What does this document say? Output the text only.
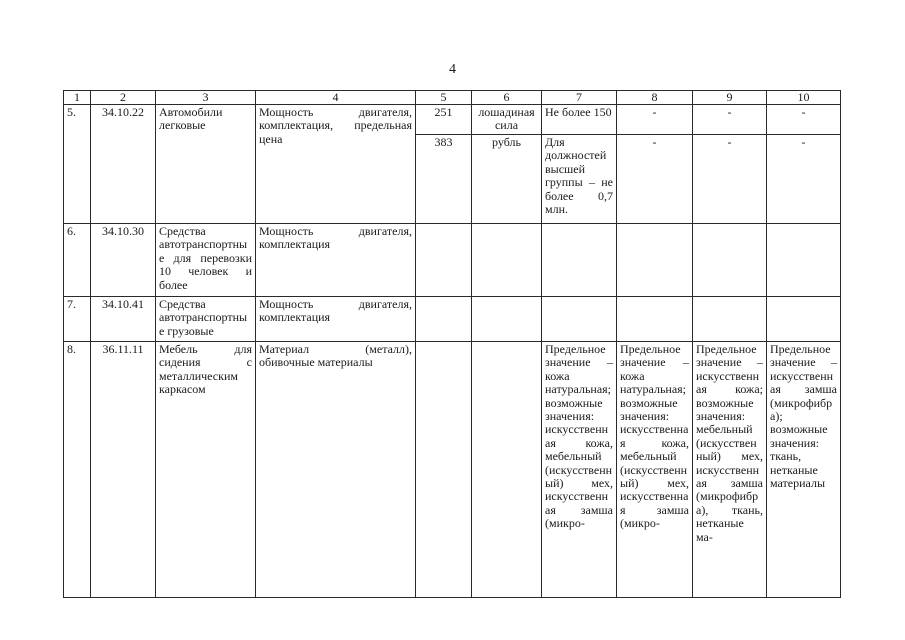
4
1	2	3	4	5	6	7	8	9	10
5.	34.10.22	Автомобили легковые	Мощность двигателя, комплектация, предельная цена	251	лошадиная сила	Не более 150	-	-	-
				383	рубль	Для должностей высшей группы – не более 0,7 млн.	-	-	-
6.	34.10.30	Средства автотранспортные для перевозки 10 человек и более	Мощность двигателя, комплектация						
7.	34.10.41	Средства автотранспортные грузовые	Мощность двигателя, комплектация						
8.	36.11.11	Мебель для сидения с металлическим каркасом	Материал (металл), обивочные материалы			Предельное значение – кожа натуральная; возможные значения: искусственная кожа, мебельный (искусственный) мех, искусственная замша (микро-	Предельное значение – кожа натуральная; возможные значения: искусственная кожа, мебельный (искусственный) мех, искусственная замша (микро-	Предельное значение – искусственная кожа; возможные значения: мебельный (искусственный) мех, искусственная замша (микрофибра), ткань, нетканые ма-	Предельное значение – искусственная замша (микрофибра); возможные значения: ткань, нетканые материалы
